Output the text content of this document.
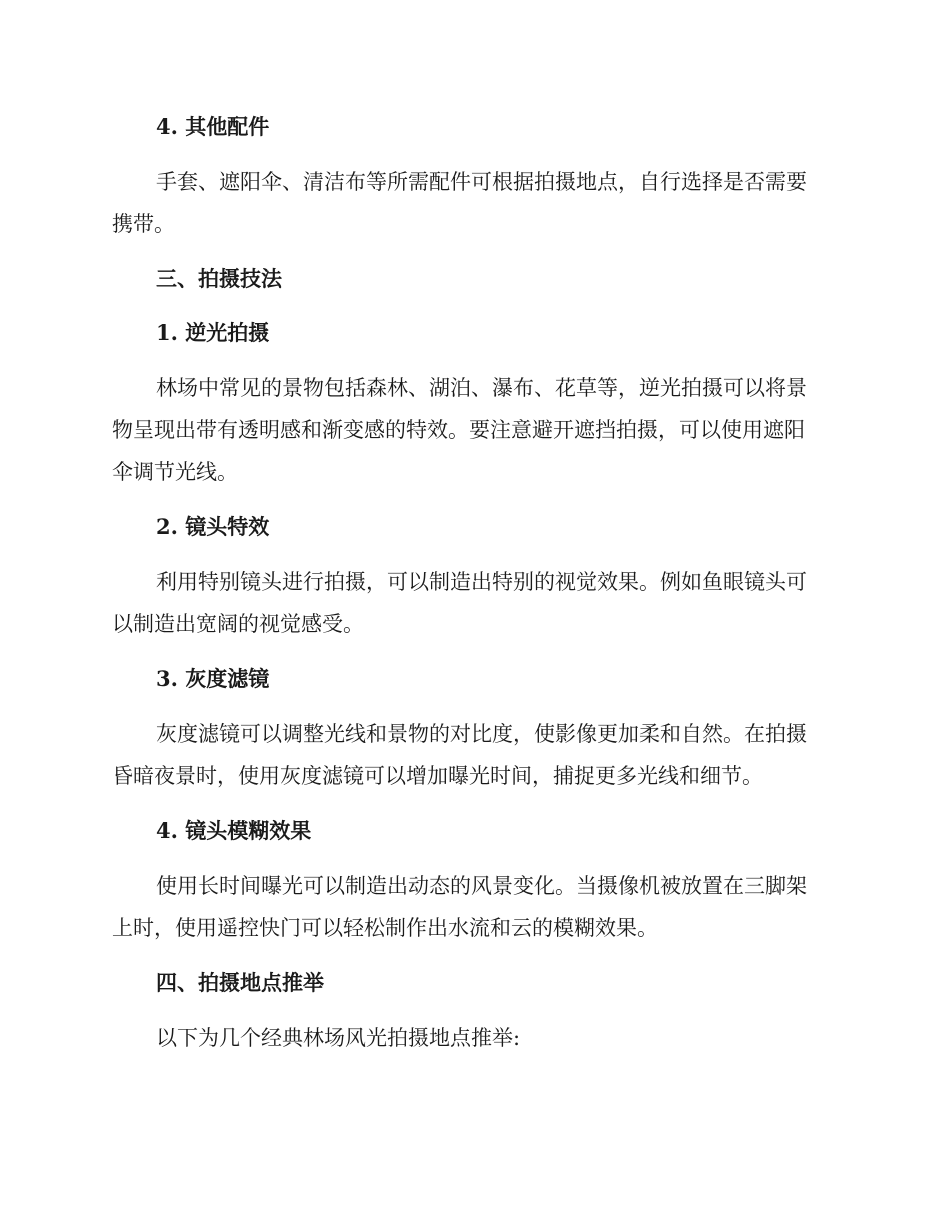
4. 其他配件
手套、遮阳伞、清洁布等所需配件可根据拍摄地点，自行选择是否需要
携带。
三、拍摄技法
1. 逆光拍摄
林场中常见的景物包括森林、湖泊、瀑布、花草等，逆光拍摄可以将景
物呈现出带有透明感和渐变感的特效。要注意避开遮挡拍摄，可以使用遮阳
伞调节光线。
2. 镜头特效
利用特别镜头进行拍摄，可以制造出特别的视觉效果。例如鱼眼镜头可
以制造出宽阔的视觉感受。
3. 灰度滤镜
灰度滤镜可以调整光线和景物的对比度，使影像更加柔和自然。在拍摄
昏暗夜景时，使用灰度滤镜可以增加曝光时间，捕捉更多光线和细节。
4. 镜头模糊效果
使用长时间曝光可以制造出动态的风景变化。当摄像机被放置在三脚架
上时，使用遥控快门可以轻松制作出水流和云的模糊效果。
四、拍摄地点推举
以下为几个经典林场风光拍摄地点推举:
